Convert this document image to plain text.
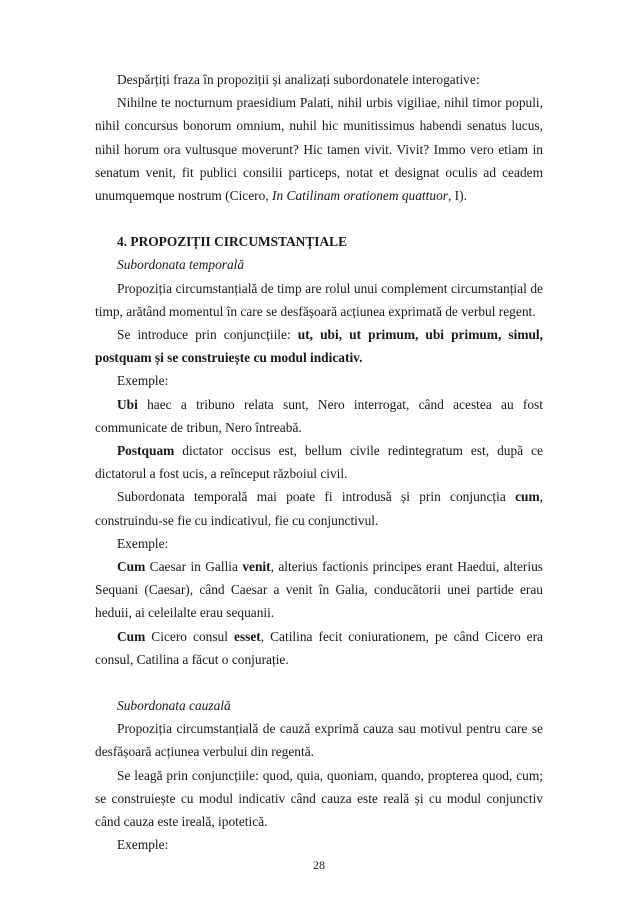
Despărțiți fraza în propoziții și analizați subordonatele interogative:

Nihilne te nocturnum praesidium Palati, nihil urbis vigiliae, nihil timor populi, nihil concursus bonorum omnium, nuhil hic munitissimus habendi senatus lucus, nihil horum ora vultusque moverunt? Hic tamen vivit. Vivit? Immo vero etiam in senatum venit, fit publici consilii particeps, notat et designat oculis ad ceadem unumquemque nostrum (Cicero, In Catilinam orationem quattuor, I).

4. PROPOZIȚII CIRCUMSTANȚIALE

Subordonata temporală

Propoziția circumstanțială de timp are rolul unui complement circumstanțial de timp, arătând momentul în care se desfășoară acțiunea exprimată de verbul regent.

Se introduce prin conjuncțiile: ut, ubi, ut primum, ubi primum, simul, postquam și se construiește cu modul indicativ.

Exemple:

Ubi haec a tribuno relata sunt, Nero interrogat, când acestea au fost communicate de tribun, Nero întreabă.

Postquam dictator occisus est, bellum civile redintegratum est, după ce dictatorul a fost ucis, a reînceput războiul civil.

Subordonata temporală mai poate fi introdusă și prin conjuncția cum, construindu-se fie cu indicativul, fie cu conjunctivul.

Exemple:

Cum Caesar in Gallia venit, alterius factionis principes erant Haedui, alterius Sequani (Caesar), când Caesar a venit în Galia, conducătorii unei partide erau heduii, ai celeilalte erau sequanii.

Cum Cicero consul esset, Catilina fecit coniurationem, pe când Cicero era consul, Catilina a făcut o conjurație.

Subordonata cauzală

Propoziția circumstanțială de cauză exprimă cauza sau motivul pentru care se desfășoară acțiunea verbului din regentă.

Se leagă prin conjuncțiile: quod, quia, quoniam, quando, propterea quod, cum; se construiește cu modul indicativ când cauza este reală și cu modul conjunctiv când cauza este ireală, ipotetică.

Exemple:

28
